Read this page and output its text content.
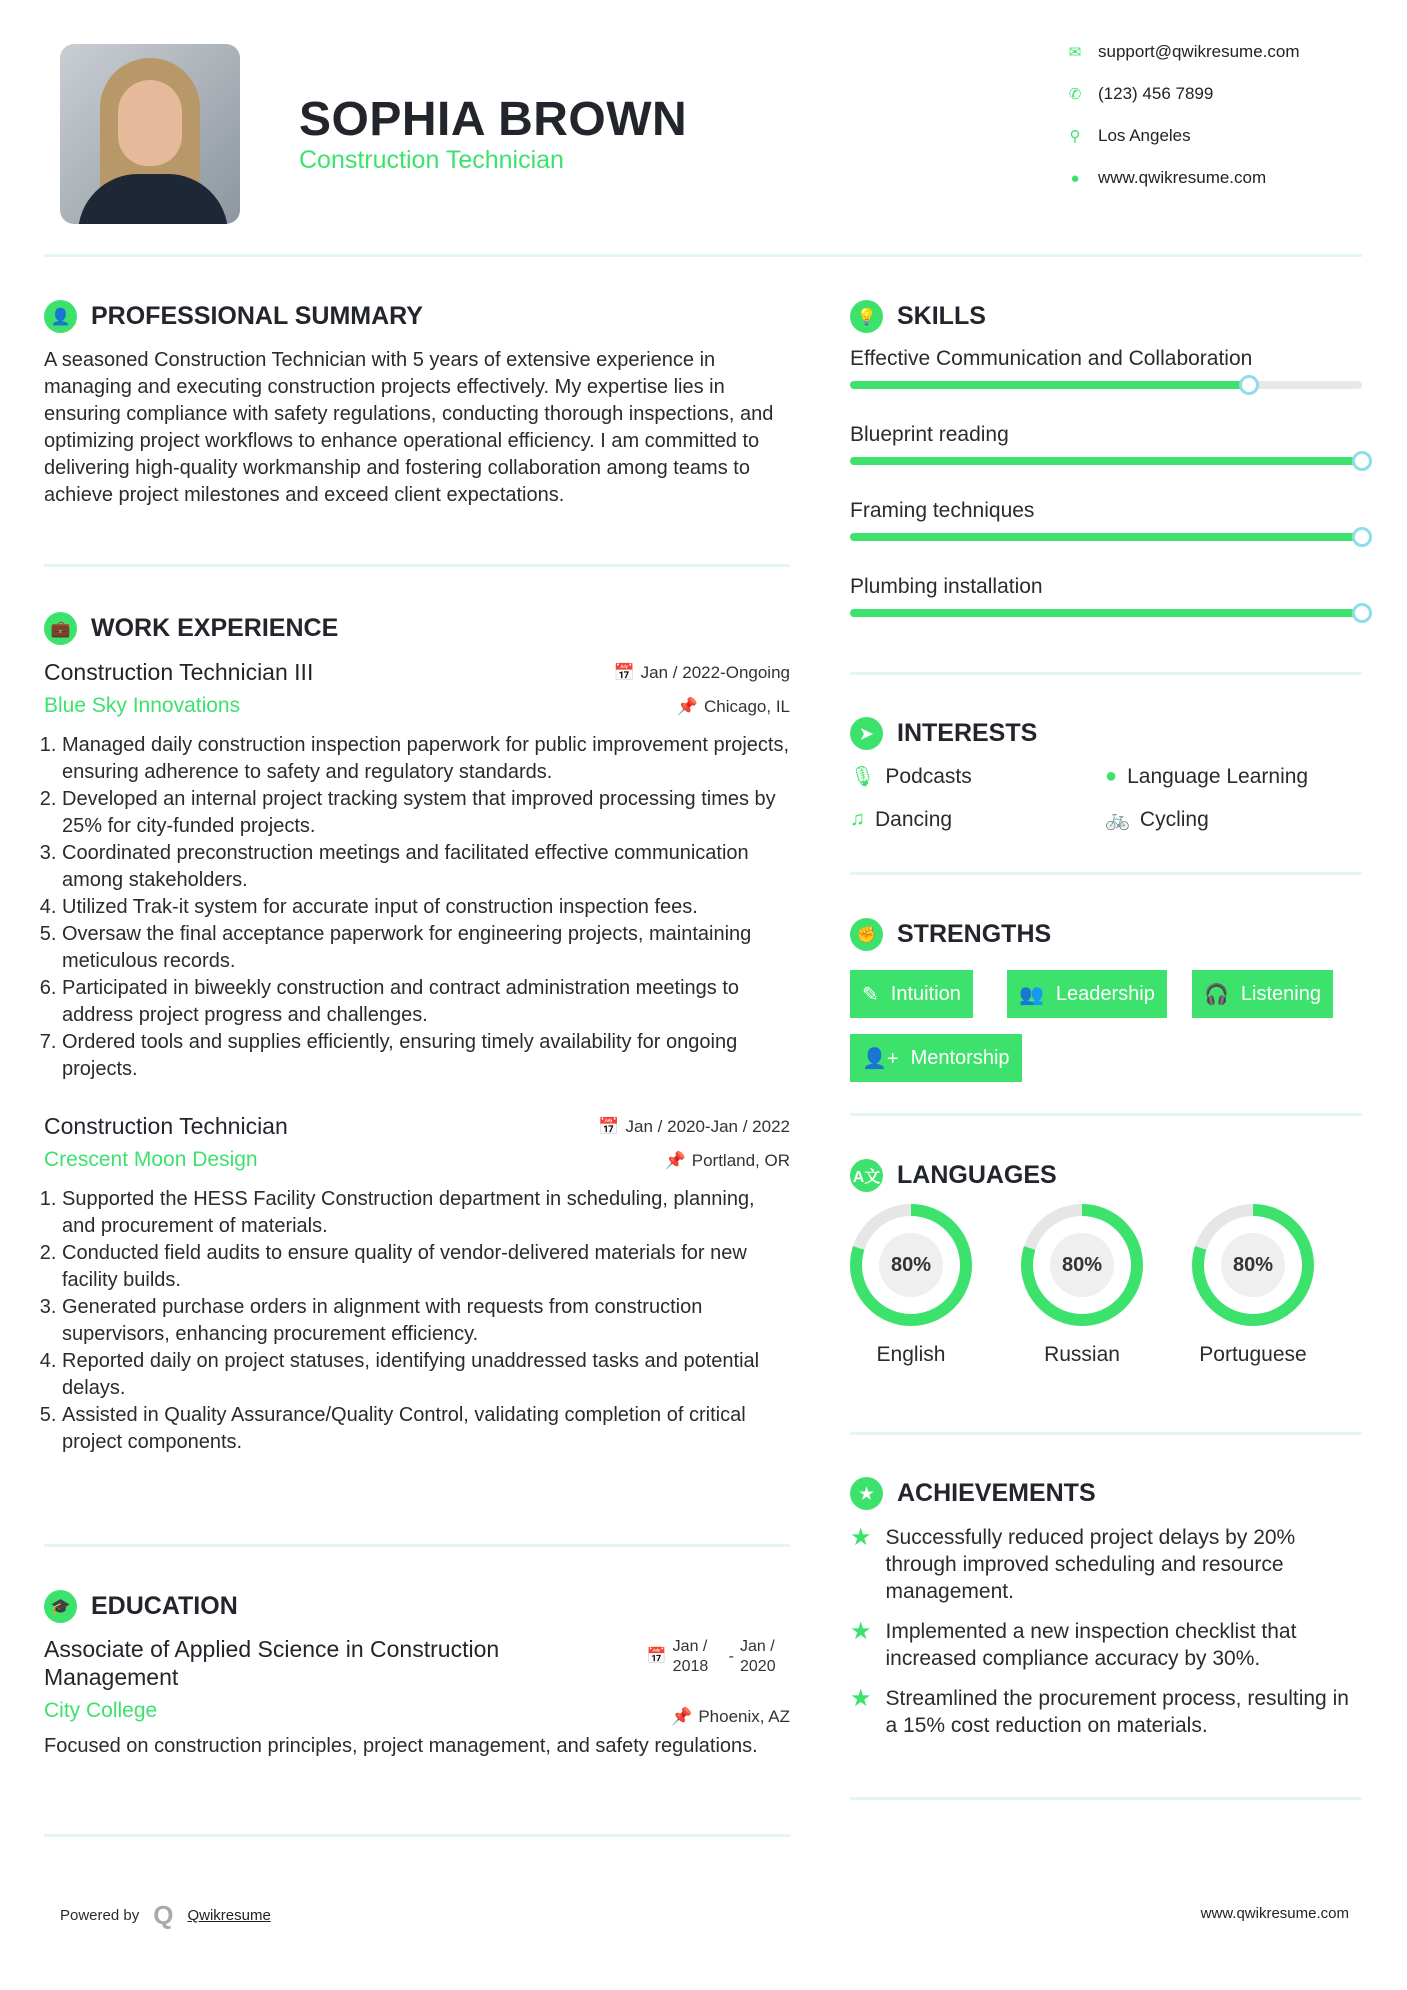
SOPHIA BROWN
Construction Technician
✉ support@qwikresume.com
✆ (123) 456 7899
⚲ Los Angeles
● www.qwikresume.com
👤 PROFESSIONAL SUMMARY

A seasoned Construction Technician with 5 years of extensive experience in managing and executing construction projects effectively. My expertise lies in ensuring compliance with safety regulations, conducting thorough inspections, and optimizing project workflows to enhance operational efficiency. I am committed to delivering high-quality workmanship and fostering collaboration among teams to achieve project milestones and exceed client expectations.

💼 WORK EXPERIENCE
Construction Technician III	📅 Jan / 2022-Ongoing
Blue Sky Innovations	📌 Chicago, IL
1. Managed daily construction inspection paperwork for public improvement projects, ensuring adherence to safety and regulatory standards.
2. Developed an internal project tracking system that improved processing times by 25% for city-funded projects.
3. Coordinated preconstruction meetings and facilitated effective communication among stakeholders.
4. Utilized Trak-it system for accurate input of construction inspection fees.
5. Oversaw the final acceptance paperwork for engineering projects, maintaining meticulous records.
6. Participated in biweekly construction and contract administration meetings to address project progress and challenges.
7. Ordered tools and supplies efficiently, ensuring timely availability for ongoing projects.
Construction Technician	📅 Jan / 2020-Jan / 2022
Crescent Moon Design	📌 Portland, OR
1. Supported the HESS Facility Construction department in scheduling, planning, and procurement of materials.
2. Conducted field audits to ensure quality of vendor-delivered materials for new facility builds.
3. Generated purchase orders in alignment with requests from construction supervisors, enhancing procurement efficiency.
4. Reported daily on project statuses, identifying unaddressed tasks and potential delays.
5. Assisted in Quality Assurance/Quality Control, validating completion of critical project components.
🎓 EDUCATION
Associate of Applied Science in Construction Management
📅
Jan / 2018
-
Jan / 2020
City College	📌 Phoenix, AZ

Focused on construction principles, project management, and safety regulations.

💡 SKILLS
Effective Communication and Collaboration
Blueprint reading
Framing techniques
Plumbing installation
➤ INTERESTS
🎙 Podcasts	● Language Learning
♫ Dancing	🚲 Cycling
✊ STRENGTHS
✎ Intuition	👥 Leadership 🎧 Listening
👤+ Mentorship
A文 LANGUAGES
80%
English
80%
Russian
80%
Portuguese
★ ACHIEVEMENTS
★ Successfully reduced project delays by 20% through improved scheduling and resource management.
★ Implemented a new inspection checklist that increased compliance accuracy by 30%.
★ Streamlined the procurement process, resulting in a 15% cost reduction on materials.
Powered by Q Qwikresume	www.qwikresume.com
